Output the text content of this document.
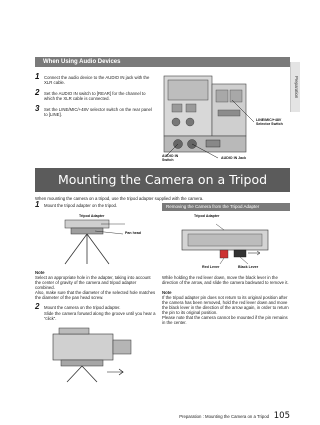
Preparation
When Using Audio Devices
1 Connect the audio device to the AUDIO IN jack with the XLR cable.
2 Set the AUDIO IN switch to [REAR] for the channel to which the XLR cable is connected.
3 Set the LINE/MIC/+48V selector switch on the rear panel to [LINE].
LINE/MIC/+48V
Selector Switch
AUDIO IN Jack
AUDIO IN
Switch
Mounting the Camera on a Tripod
When mounting the camera on a tripod, use the tripod adapter supplied with the camera.
1 Mount the tripod adapter on the tripod.
Tripod Adapter
Pan head
Note
Select an appropriate hole in the adapter, taking into account the center of gravity of the camera and tripod adapter combined.
Also, make sure that the diameter of the selected hole matches the diameter of the pan head screw.
2 Mount the camera on the tripod adapter.
Slide the camera forward along the groove until you hear a “click”.
Removing the Camera from the Tripod Adapter
Tripod Adapter
Red Lever	Black Lever
While holding the red lever down, move the black lever in the direction of the arrow, and slide the camera backward to remove it.
Note
If the tripod adapter pin does not return to its original position after the camera has been removed, hold the red lever down and move the black lever in the direction of the arrow again, in order to return the pin to its original position.
Please note that the camera cannot be mounted if the pin remains in the center.
Preparation : Mounting the Camera on a Tripod 105
